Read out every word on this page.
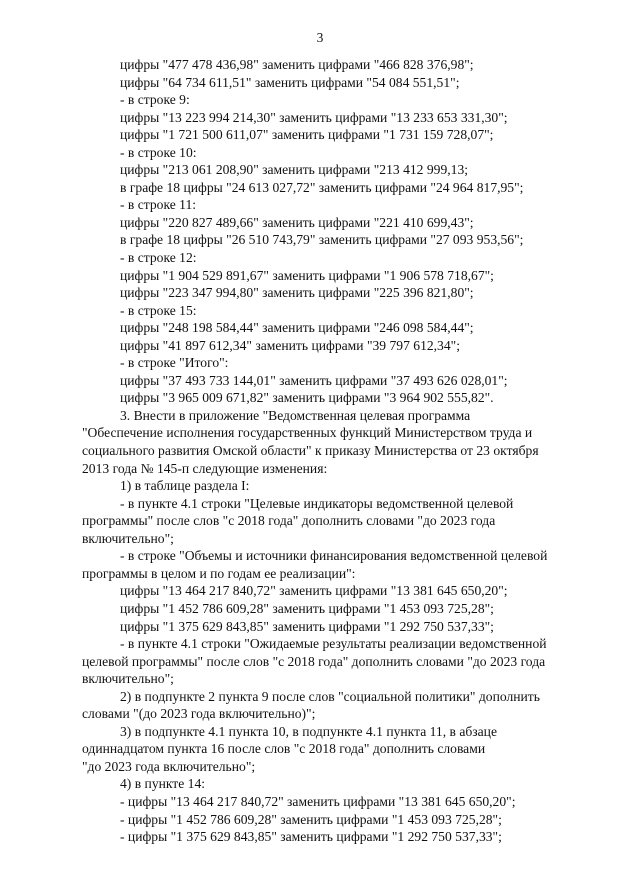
3
цифры "477 478 436,98" заменить цифрами "466 828 376,98";
цифры "64 734 611,51" заменить цифрами "54 084 551,51";
- в строке 9:
цифры "13 223 994 214,30" заменить цифрами "13 233 653 331,30";
цифры "1 721 500 611,07" заменить цифрами "1 731 159 728,07";
- в строке 10:
цифры "213 061 208,90" заменить цифрами "213 412 999,13;
в графе 18 цифры "24 613 027,72" заменить цифрами "24 964 817,95";
- в строке 11:
цифры "220 827 489,66" заменить цифрами "221 410 699,43";
в графе 18 цифры "26 510 743,79" заменить цифрами "27 093 953,56";
- в строке 12:
цифры "1 904 529 891,67" заменить цифрами "1 906 578 718,67";
цифры "223 347 994,80" заменить цифрами "225 396 821,80";
- в строке 15:
цифры "248 198 584,44" заменить цифрами "246 098 584,44";
цифры "41 897 612,34" заменить цифрами "39 797 612,34";
- в строке "Итого":
цифры "37 493 733 144,01" заменить цифрами "37 493 626 028,01";
цифры "3 965 009 671,82" заменить цифрами "3 964 902 555,82".
3. Внести в приложение "Ведомственная целевая программа
"Обеспечение исполнения государственных функций Министерством труда и
социального развития Омской области" к приказу Министерства от 23 октября
2013 года № 145-п следующие изменения:
1) в таблице раздела I:
- в пункте 4.1 строки "Целевые индикаторы ведомственной целевой
программы" после слов "с 2018 года" дополнить словами "до 2023 года
включительно";
- в строке "Объемы и источники финансирования ведомственной целевой
программы в целом и по годам ее реализации":
цифры "13 464 217 840,72" заменить цифрами "13 381 645 650,20";
цифры "1 452 786 609,28" заменить цифрами "1 453 093 725,28";
цифры "1 375 629 843,85" заменить цифрами "1 292 750 537,33";
- в пункте 4.1 строки "Ожидаемые результаты реализации ведомственной
целевой программы" после слов "с 2018 года" дополнить словами "до 2023 года
включительно";
2) в подпункте 2 пункта 9 после слов "социальной политики" дополнить
словами "(до 2023 года включительно)";
3) в подпункте 4.1 пункта 10, в подпункте 4.1 пункта 11, в абзаце
одиннадцатом пункта 16 после слов "с 2018 года" дополнить словами
"до 2023 года включительно";
4) в пункте 14:
- цифры "13 464 217 840,72" заменить цифрами "13 381 645 650,20";
- цифры "1 452 786 609,28" заменить цифрами "1 453 093 725,28";
- цифры "1 375 629 843,85" заменить цифрами "1 292 750 537,33";
